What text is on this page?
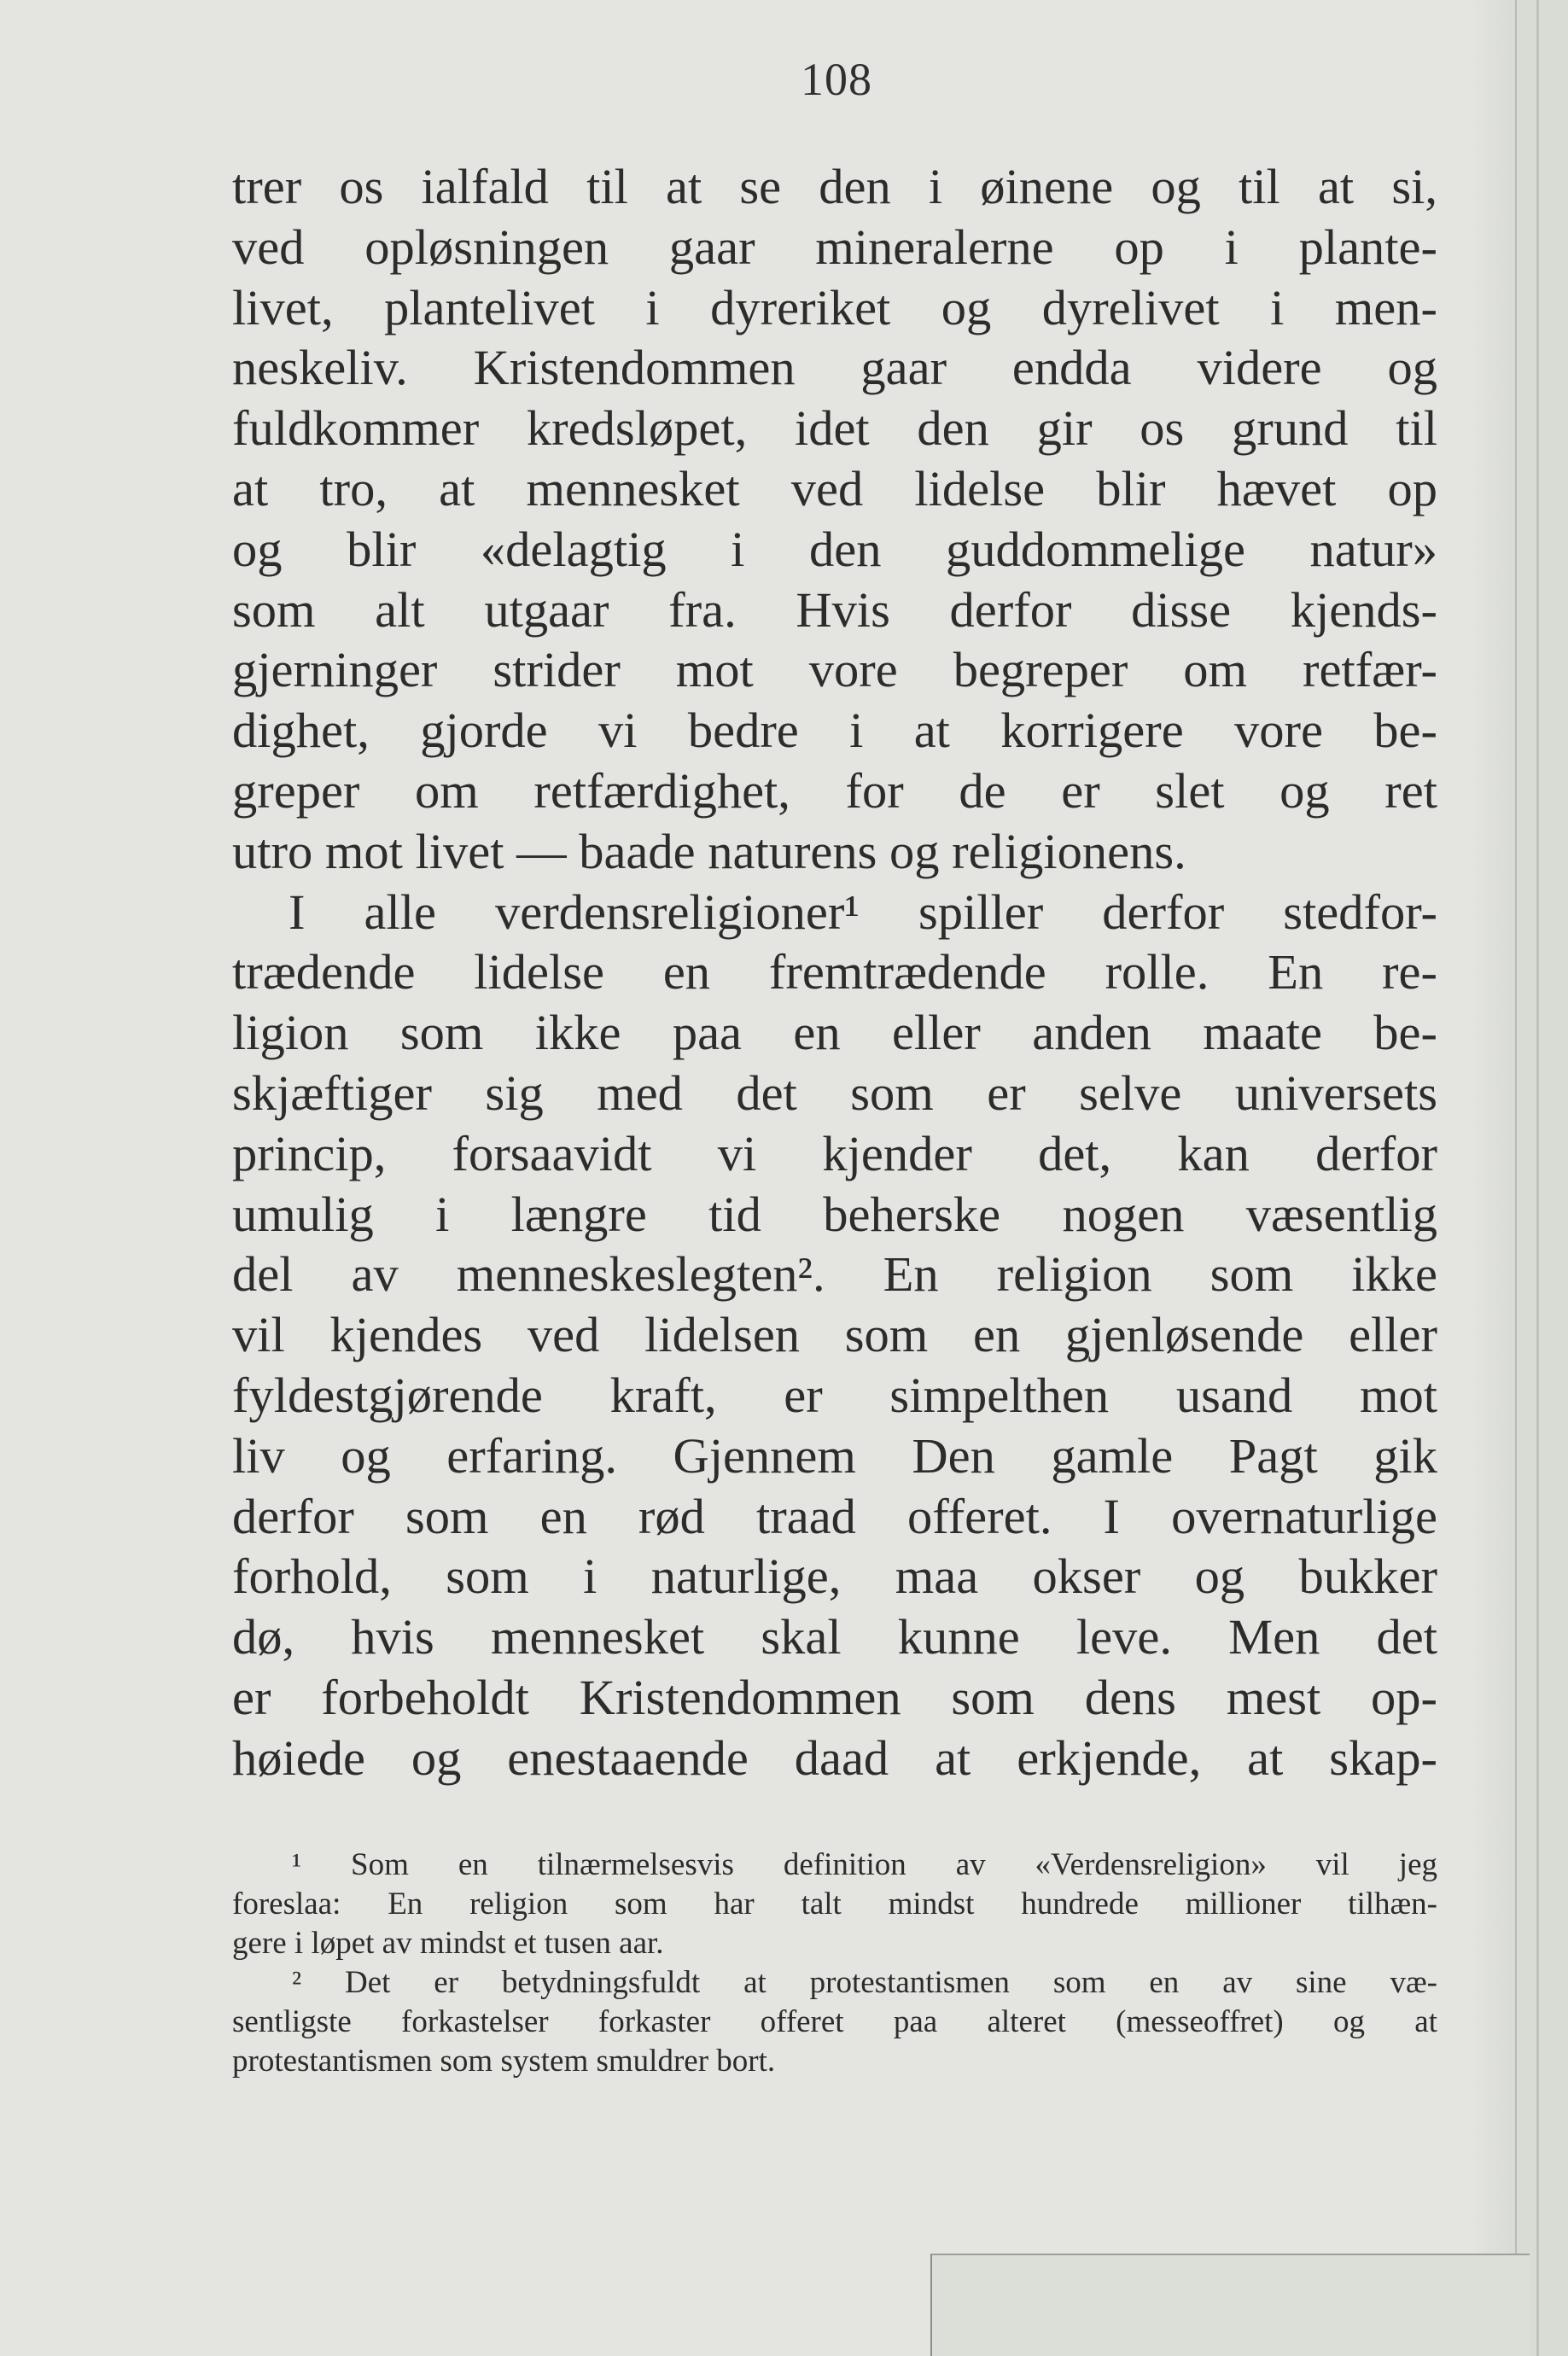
108
trer os ialfald til at se den i øinene og til at si,
ved opløsningen gaar mineralerne op i plante-
livet, plantelivet i dyreriket og dyrelivet i men-
neskeliv. Kristendommen gaar endda videre og
fuldkommer kredsløpet, idet den gir os grund til
at tro, at mennesket ved lidelse blir hævet op
og blir «delagtig i den guddommelige natur»
som alt utgaar fra. Hvis derfor disse kjends-
gjerninger strider mot vore begreper om retfær-
dighet, gjorde vi bedre i at korrigere vore be-
greper om retfærdighet, for de er slet og ret
utro mot livet — baade naturens og religionens.
I alle verdensreligioner¹ spiller derfor stedfor-
trædende lidelse en fremtrædende rolle. En re-
ligion som ikke paa en eller anden maate be-
skjæftiger sig med det som er selve universets
princip, forsaavidt vi kjender det, kan derfor
umulig i længre tid beherske nogen væsentlig
del av menneskeslegten². En religion som ikke
vil kjendes ved lidelsen som en gjenløsende eller
fyldestgjørende kraft, er simpelthen usand mot
liv og erfaring. Gjennem Den gamle Pagt gik
derfor som en rød traad offeret. I overnaturlige
forhold, som i naturlige, maa okser og bukker
dø, hvis mennesket skal kunne leve. Men det
er forbeholdt Kristendommen som dens mest op-
høiede og enestaaende daad at erkjende, at skap-
¹ Som en tilnærmelsesvis definition av «Verdensreligion» vil jeg
foreslaa: En religion som har talt mindst hundrede millioner tilhæn-
gere i løpet av mindst et tusen aar.
² Det er betydningsfuldt at protestantismen som en av sine væ-
sentligste forkastelser forkaster offeret paa alteret (messeoffret) og at
protestantismen som system smuldrer bort.
